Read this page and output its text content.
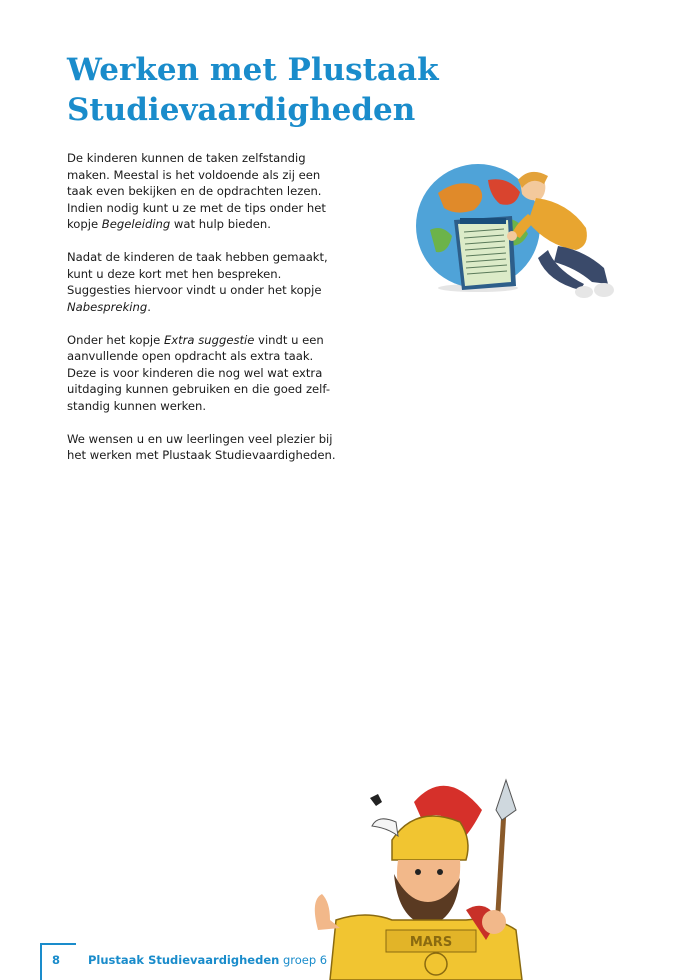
Werken met Plustaak
Studievaardigheden

De kinderen kunnen de taken zelfstandig maken. Meestal is het voldoende als zij een taak even bekijken en de opdrachten lezen. Indien nodig kunt u ze met de tips onder het kopje Begeleiding wat hulp bieden.

Nadat de kinderen de taak hebben gemaakt, kunt u deze kort met hen bespreken. Suggesties hiervoor vindt u onder het kopje Nabespreking.

Onder het kopje Extra suggestie vindt u een aanvullende open opdracht als extra taak. Deze is voor kinderen die nog wel wat extra uitdaging kunnen gebruiken en die goed zelf-standig kunnen werken.

We wensen u en uw leerlingen veel plezier bij het werken met Plustaak Studievaardigheden.

MARS
8 Plustaak Studievaardigheden groep 6
